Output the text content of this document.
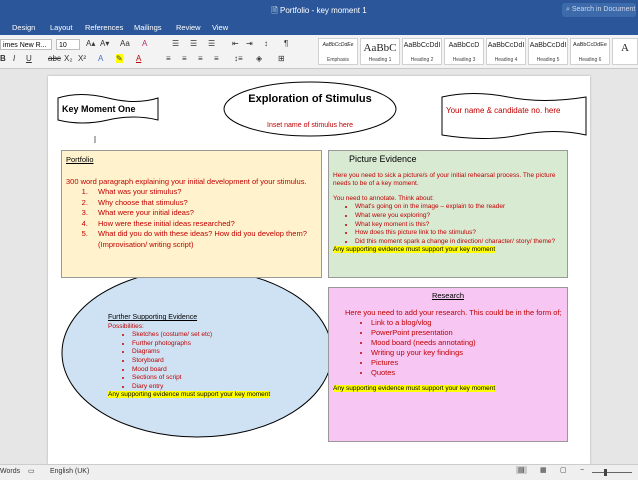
🗎 Portfolio - key moment 1	⌕ Search in Document
Design Layout References Mailings Review View
imes New R...	10	A▴ A▾ Aa A	☰ ☰ ☰ ⇤ ⇥ ↕ ¶
B I U abc X₂ X² A ✎ A	≡ ≡ ≡ ≡ ↕≡ ◈ ⊞
AaBbCcDdEe
Emphasis
AaBbC
Heading 1
AaBbCcDdI
Heading 2
AaBbCcD
Heading 3
AaBbCcDdI
Heading 4
AaBbCcDdI
Heading 5
AaBbCcDdEe
Heading 6
A
Key Moment One
Exploration of Stimulus
Inset name of stimulus here
Your name & candidate no. here
Portfolio
300 word paragraph explaining your initial development of your stimulus.
1. What was your stimulus?
2. Why choose that stimulus?
3. What were your initial ideas?
4. How were these initial ideas researched?
5. What did you do with these ideas? How did you develop them? (Improvisation/ writing script)
Picture Evidence
Here you need to sick a picture/s of your initial rehearsal process. The picture needs to be of a key moment.
You need to annotate. Think about:
• What's going on in the image – explain to the reader
• What were you exploring?
• What key moment is this?
• How does this picture link to the stimulus?
• Did this moment spark a change in direction/ character/ story/ theme?
Any supporting evidence must support your key moment
Further Supporting Evidence
Possibilities:
• Sketches (costume/ set etc)
• Further photographs
• Diagrams
• Storyboard
• Mood board
• Sections of script
• Diary entry
Any supporting evidence must support your key moment
Research
Here you need to add your research. This could be in the form of;
• Link to a blog/vlog
• PowerPoint presentation
• Mood board (needs annotating)
• Writing up your key findings
• Pictures
• Quotes
Any supporting evidence must support your key moment
Words ▭ English (UK)	▤ ▦ ▢ −
